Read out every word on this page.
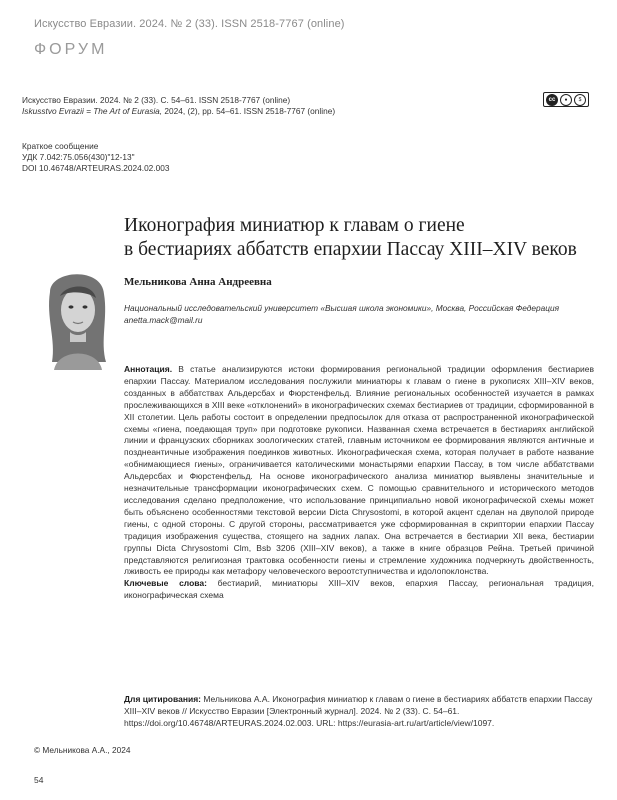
Искусство Евразии. 2024. № 2 (33). ISSN 2518-7767 (online)
ФОРУМ
Искусство Евразии. 2024. № 2 (33). С. 54–61. ISSN 2518-7767 (online)
Iskusstvo Evrazii = The Art of Eurasia, 2024, (2), pp. 54–61. ISSN 2518-7767 (online)
cc	●	$
Краткое сообщение
УДК 7.042:75.056(430)"12-13"
DOI 10.46748/ARTEURAS.2024.02.003
Иконография миниатюр к главам о гиене
в бестиариях аббатств епархии Пассау XIII–XIV веков
Мельникова Анна Андреевна
Национальный исследовательский университет «Высшая школа экономики», Москва, Российская Федерация
anetta.mack@mail.ru

Аннотация. В статье анализируются истоки формирования региональной традиции оформления бестиариев епархии Пассау. Материалом исследования послужили миниатюры к главам о гиене в рукописях XIII–XIV веков, созданных в аббатствах Альдерсбах и Фюрстенфельд. Влияние региональных особенностей изучается в рамках прослеживающихся в XIII веке «отклонений» в иконографических схемах бестиариев от традиции, сформированной в XII столетии. Цель работы состоит в определении предпосылок для отказа от распространенной иконографической схемы «гиена, поедающая труп» при подготовке рукописи. Названная схема встречается в бестиариях английской линии и французских сборниках зоологических статей, главным источником ее формирования являются античные и позднеантичные изображения поединков животных. Иконографическая схема, которая получает в работе название «обнимающиеся гиены», ограничивается католическими монастырями епархии Пассау, в том числе аббатствами Альдерсбах и Фюрстенфельд. На основе иконографического анализа миниатюр выявлены значительные и незначительные трансформации иконографических схем. С помощью сравнительного и исторического методов исследования сделано предположение, что использование принципиально новой иконографической схемы может быть объяснено особенностями текстовой версии Dicta Chrysostomi, в которой акцент сделан на двуполой природе гиены, с одной стороны. С другой стороны, рассматривается уже сформированная в скриптории епархии Пассау традиция изображения существа, стоящего на задних лапах. Она встречается в бестиарии XII века, бестиарии группы Dicta Chrysostomi Clm, Bsb 3206 (XIII–XIV веков), а также в книге образцов Рейна. Третьей причиной представляются религиозная трактовка особенности гиены и стремление художника подчеркнуть двойственность, лживость ее природы как метафору человеческого вероотступничества и идолопоклонства.
Ключевые слова: бестиарий, миниатюры XIII–XIV веков, епархия Пассау, региональная традиция, иконографическая схема

Для цитирования: Мельникова А.А. Иконография миниатюр к главам о гиене в бестиариях аббатств епархии Пассау XIII–XIV веков // Искусство Евразии [Электронный журнал]. 2024. № 2 (33). С. 54–61. https://doi.org/10.46748/ARTEURAS.2024.02.003. URL: https://eurasia-art.ru/art/article/view/1097.

© Мельникова А.А., 2024
54
